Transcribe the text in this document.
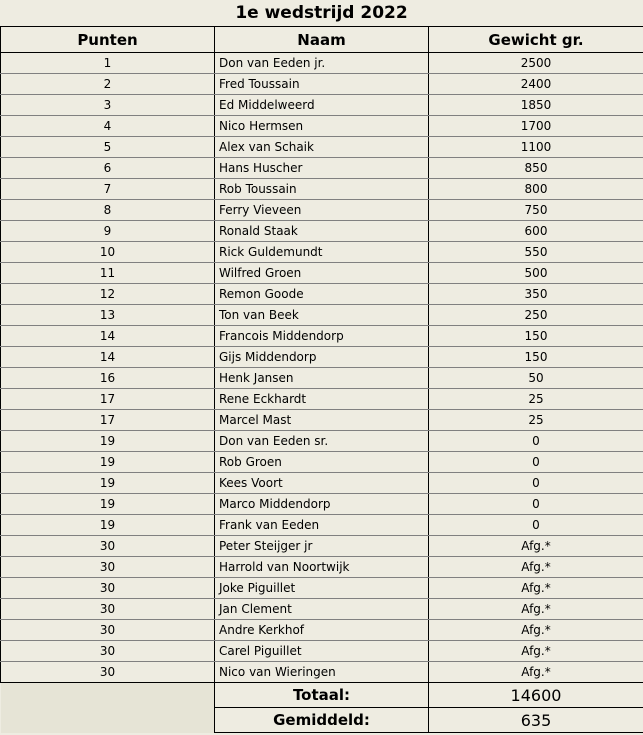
1e wedstrijd 2022
Punten	Naam	Gewicht gr.
1	Don van Eeden jr.	2500
2	Fred Toussain	2400
3	Ed Middelweerd	1850
4	Nico Hermsen	1700
5	Alex van Schaik	1100
6	Hans Huscher	850
7	Rob Toussain	800
8	Ferry Vieveen	750
9	Ronald Staak	600
10	Rick Guldemundt	550
11	Wilfred Groen	500
12	Remon Goode	350
13	Ton van Beek	250
14	Francois Middendorp	150
14	Gijs Middendorp	150
16	Henk Jansen	50
17	Rene Eckhardt	25
17	Marcel Mast	25
19	Don van Eeden sr.	0
19	Rob Groen	0
19	Kees Voort	0
19	Marco Middendorp	0
19	Frank van Eeden	0
30	Peter Steijger jr	Afg.*
30	Harrold van Noortwijk	Afg.*
30	Joke Piguillet	Afg.*
30	Jan Clement	Afg.*
30	Andre Kerkhof	Afg.*
30	Carel Piguillet	Afg.*
30	Nico van Wieringen	Afg.*
	Totaal:	14600
	Gemiddeld:	635
